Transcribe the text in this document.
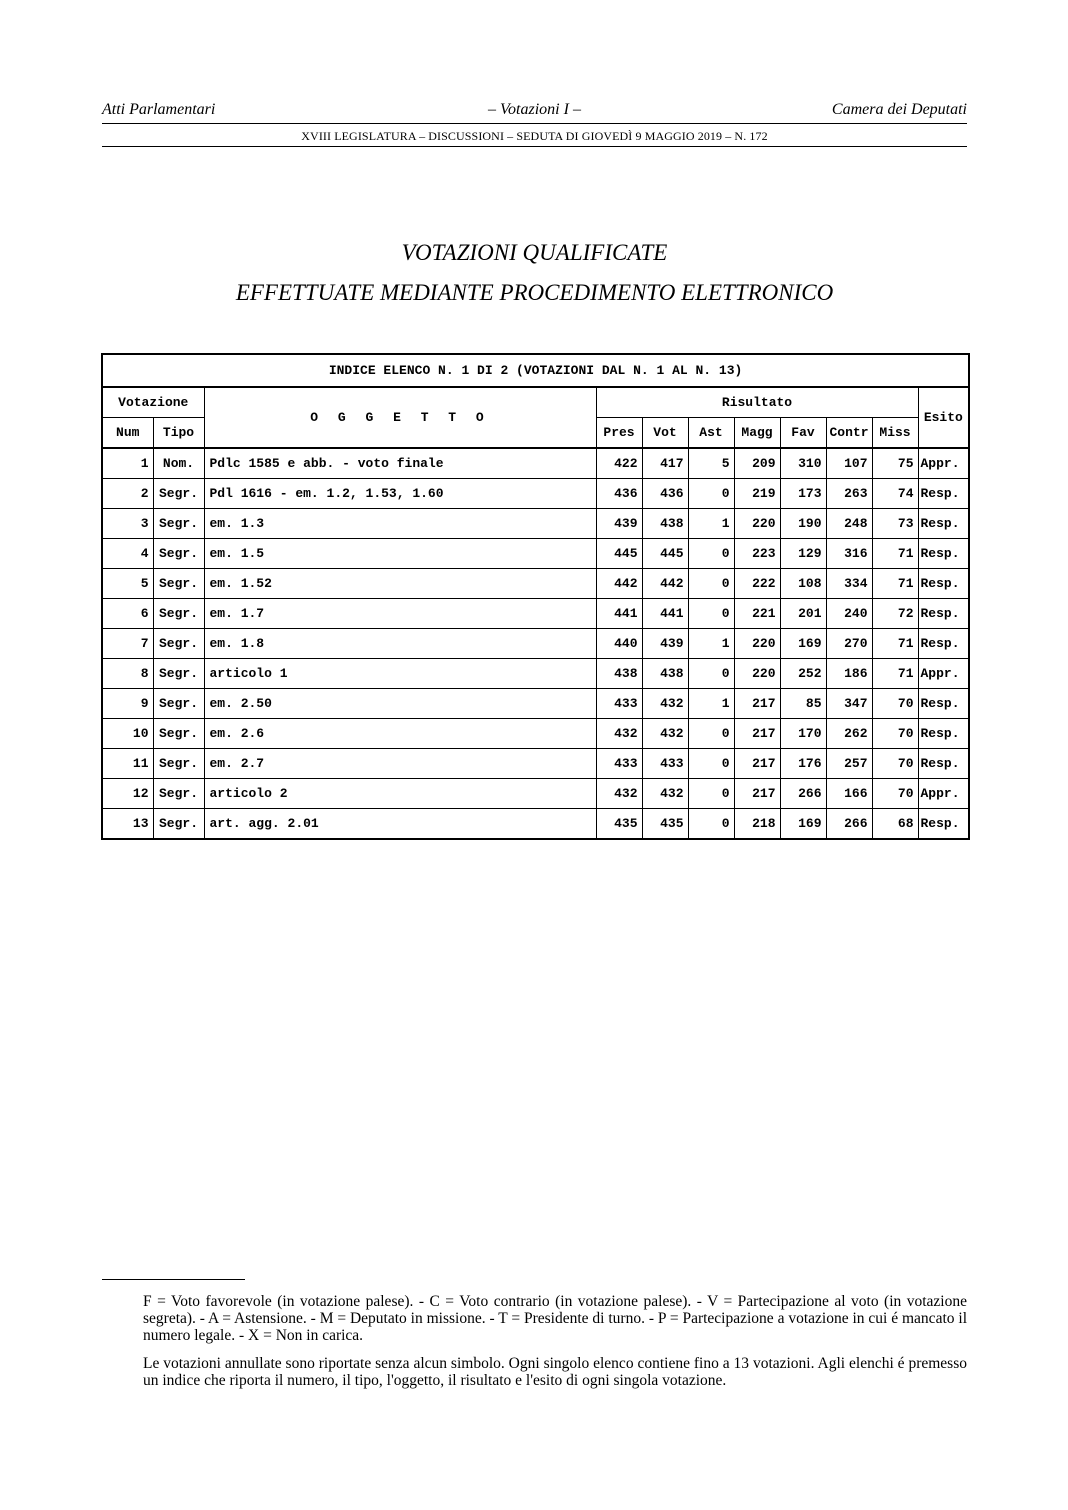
– Votazioni I –
Atti Parlamentari	Camera dei Deputati
XVIII LEGISLATURA – DISCUSSIONI – SEDUTA DI GIOVEDÌ 9 MAGGIO 2019 – N. 172
VOTAZIONI QUALIFICATE
EFFETTUATE MEDIANTE PROCEDIMENTO ELETTRONICO
INDICE ELENCO N. 1 DI 2 (VOTAZIONI DAL N. 1 AL N. 13)										
Votazione		O G G E T T O	Risultato							Esito
Num	Tipo		Pres	Vot	Ast	Magg	Fav	Contr	Miss	
1	Nom.	Pdlc 1585 e abb. - voto finale	422	417	5	209	310	107	75	Appr.
2	Segr.	Pdl 1616 - em. 1.2, 1.53, 1.60	436	436	0	219	173	263	74	Resp.
3	Segr.	em. 1.3	439	438	1	220	190	248	73	Resp.
4	Segr.	em. 1.5	445	445	0	223	129	316	71	Resp.
5	Segr.	em. 1.52	442	442	0	222	108	334	71	Resp.
6	Segr.	em. 1.7	441	441	0	221	201	240	72	Resp.
7	Segr.	em. 1.8	440	439	1	220	169	270	71	Resp.
8	Segr.	articolo 1	438	438	0	220	252	186	71	Appr.
9	Segr.	em. 2.50	433	432	1	217	85	347	70	Resp.
10	Segr.	em. 2.6	432	432	0	217	170	262	70	Resp.
11	Segr.	em. 2.7	433	433	0	217	176	257	70	Resp.
12	Segr.	articolo 2	432	432	0	217	266	166	70	Appr.
13	Segr.	art. agg. 2.01	435	435	0	218	169	266	68	Resp.
F = Voto favorevole (in votazione palese). - C = Voto contrario (in votazione palese). - V = Partecipazione al voto (in votazione segreta). - A = Astensione. - M = Deputato in missione. - T = Presidente di turno. - P = Partecipazione a votazione in cui é mancato il numero legale. - X = Non in carica.
Le votazioni annullate sono riportate senza alcun simbolo. Ogni singolo elenco contiene fino a 13 votazioni. Agli elenchi é premesso un indice che riporta il numero, il tipo, l'oggetto, il risultato e l'esito di ogni singola votazione.
